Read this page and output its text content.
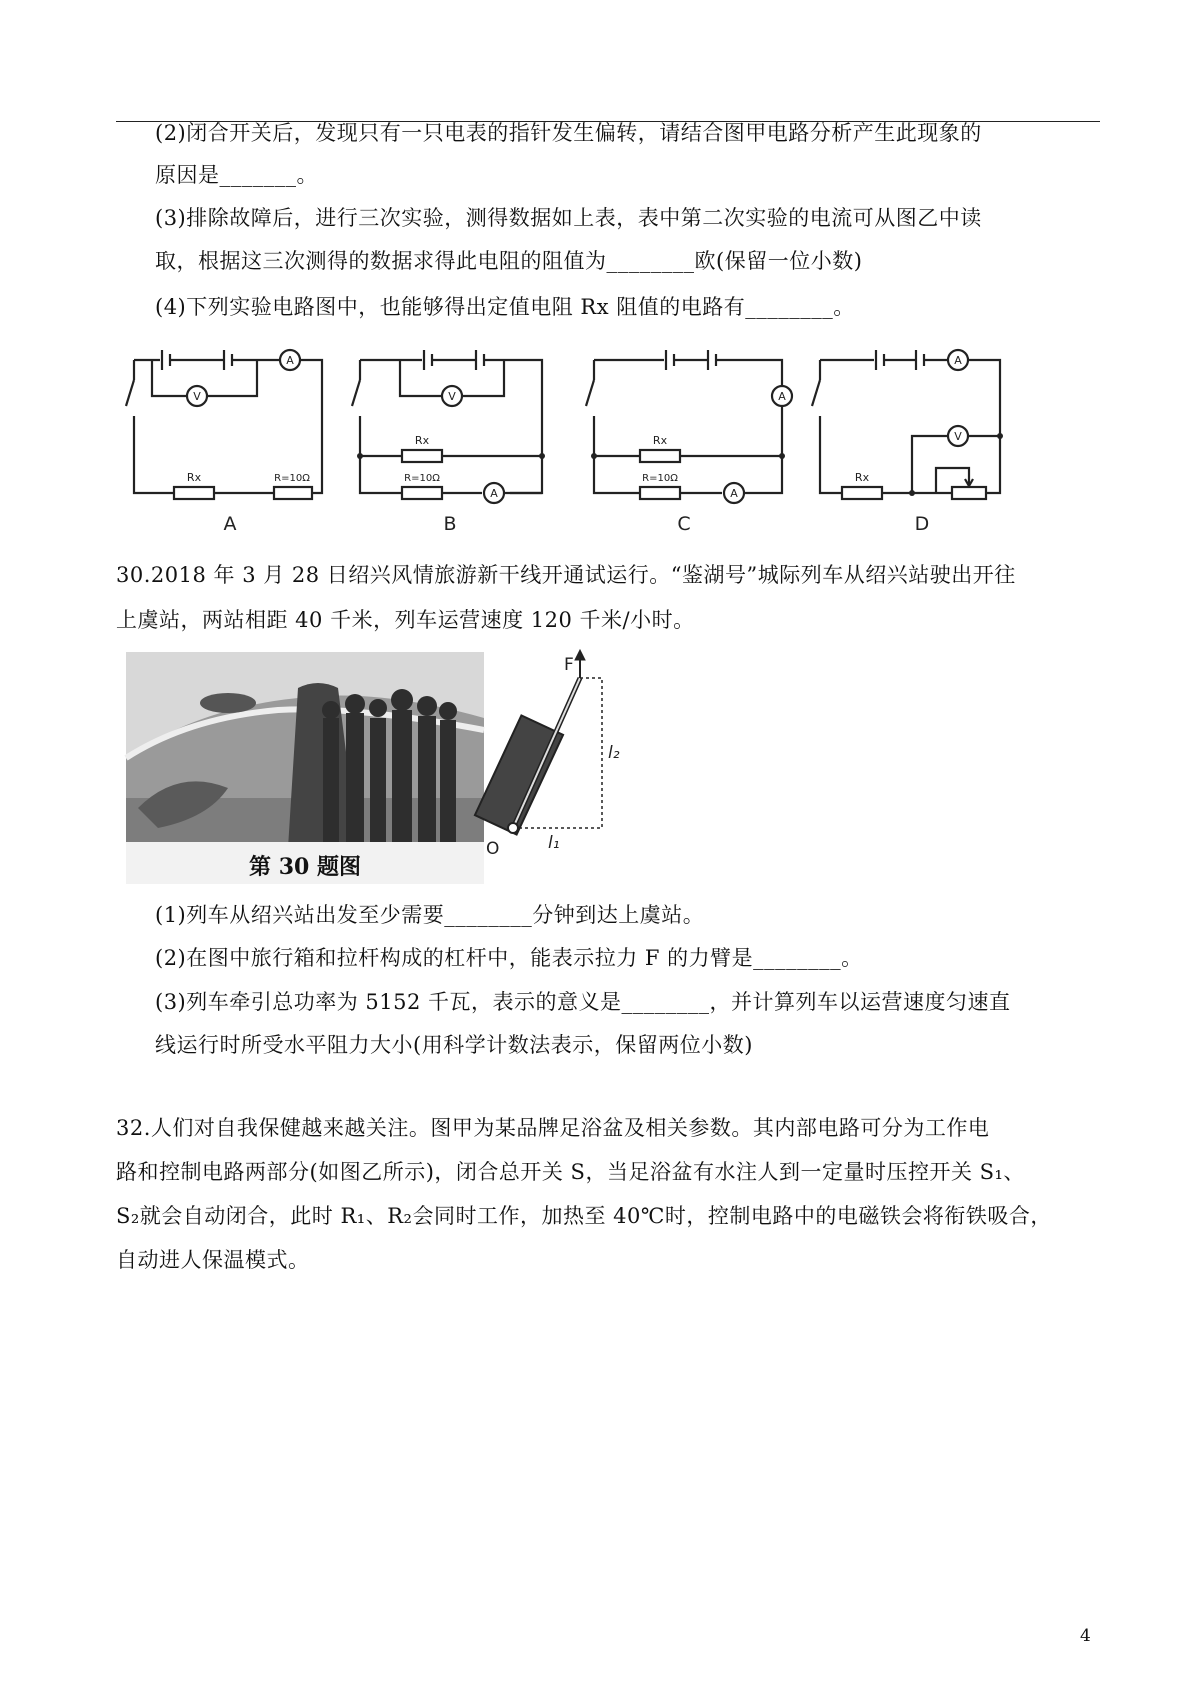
(2)闭合开关后，发现只有一只电表的指针发生偏转，请结合图甲电路分析产生此现象的
原因是_______。
(3)排除故障后，进行三次实验，测得数据如上表，表中第二次实验的电流可从图乙中读
取，根据这三次测得的数据求得此电阻的阻值为________欧(保留一位小数)
(4)下列实验电路图中，也能够得出定值电阻 Rx 阻值的电路有________。
A
V
Rx	R=10Ω
A
V
Rx
R=10Ω
A
B
A
Rx
R=10Ω
A
C
A
V
Rx
D
30.2018 年 3 月 28 日绍兴风情旅游新干线开通试运行。“鉴湖号”城际列车从绍兴站驶出开往
上虞站，两站相距 40 千米，列车运营速度 120 千米/小时。
第 30 题图
F
O	l₁
l₂
(1)列车从绍兴站出发至少需要________分钟到达上虞站。
(2)在图中旅行箱和拉杆构成的杠杆中，能表示拉力 F 的力臂是________。
(3)列车牵引总功率为 5152 千瓦，表示的意义是________，并计算列车以运营速度匀速直
线运行时所受水平阻力大小(用科学计数法表示，保留两位小数)
32.人们对自我保健越来越关注。图甲为某品牌足浴盆及相关参数。其内部电路可分为工作电
路和控制电路两部分(如图乙所示)，闭合总开关 S，当足浴盆有水注人到一定量时压控开关 S₁、
S₂就会自动闭合，此时 R₁、R₂会同时工作，加热至 40℃时，控制电路中的电磁铁会将衔铁吸合，
自动进人保温模式。
4
